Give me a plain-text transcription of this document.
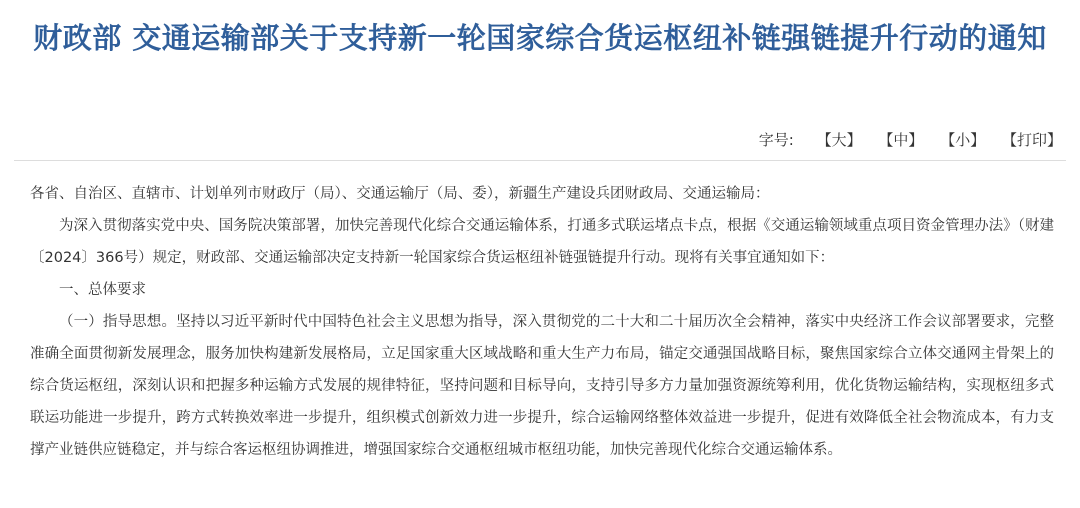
财政部 交通运输部关于支持新一轮国家综合货运枢纽补链强链提升行动的通知
字号: 【大】 【中】 【小】 【打印】

各省、自治区、直辖市、计划单列市财政厅（局）、交通运输厅（局、委），新疆生产建设兵团财政局、交通运输局：

为深入贯彻落实党中央、国务院决策部署，加快完善现代化综合交通运输体系，打通多式联运堵点卡点，根据《交通运输领域重点项目资金管理办法》（财建〔2024〕366号）规定，财政部、交通运输部决定支持新一轮国家综合货运枢纽补链强链提升行动。现将有关事宜通知如下：

一、总体要求

（一）指导思想。坚持以习近平新时代中国特色社会主义思想为指导，深入贯彻党的二十大和二十届历次全会精神，落实中央经济工作会议部署要求，完整准确全面贯彻新发展理念，服务加快构建新发展格局，立足国家重大区域战略和重大生产力布局，锚定交通强国战略目标，聚焦国家综合立体交通网主骨架上的综合货运枢纽，深刻认识和把握多种运输方式发展的规律特征，坚持问题和目标导向，支持引导多方力量加强资源统筹利用，优化货物运输结构，实现枢纽多式联运功能进一步提升，跨方式转换效率进一步提升，组织模式创新效力进一步提升，综合运输网络整体效益进一步提升，促进有效降低全社会物流成本，有力支撑产业链供应链稳定，并与综合客运枢纽协调推进，增强国家综合交通枢纽城市枢纽功能，加快完善现代化综合交通运输体系。
